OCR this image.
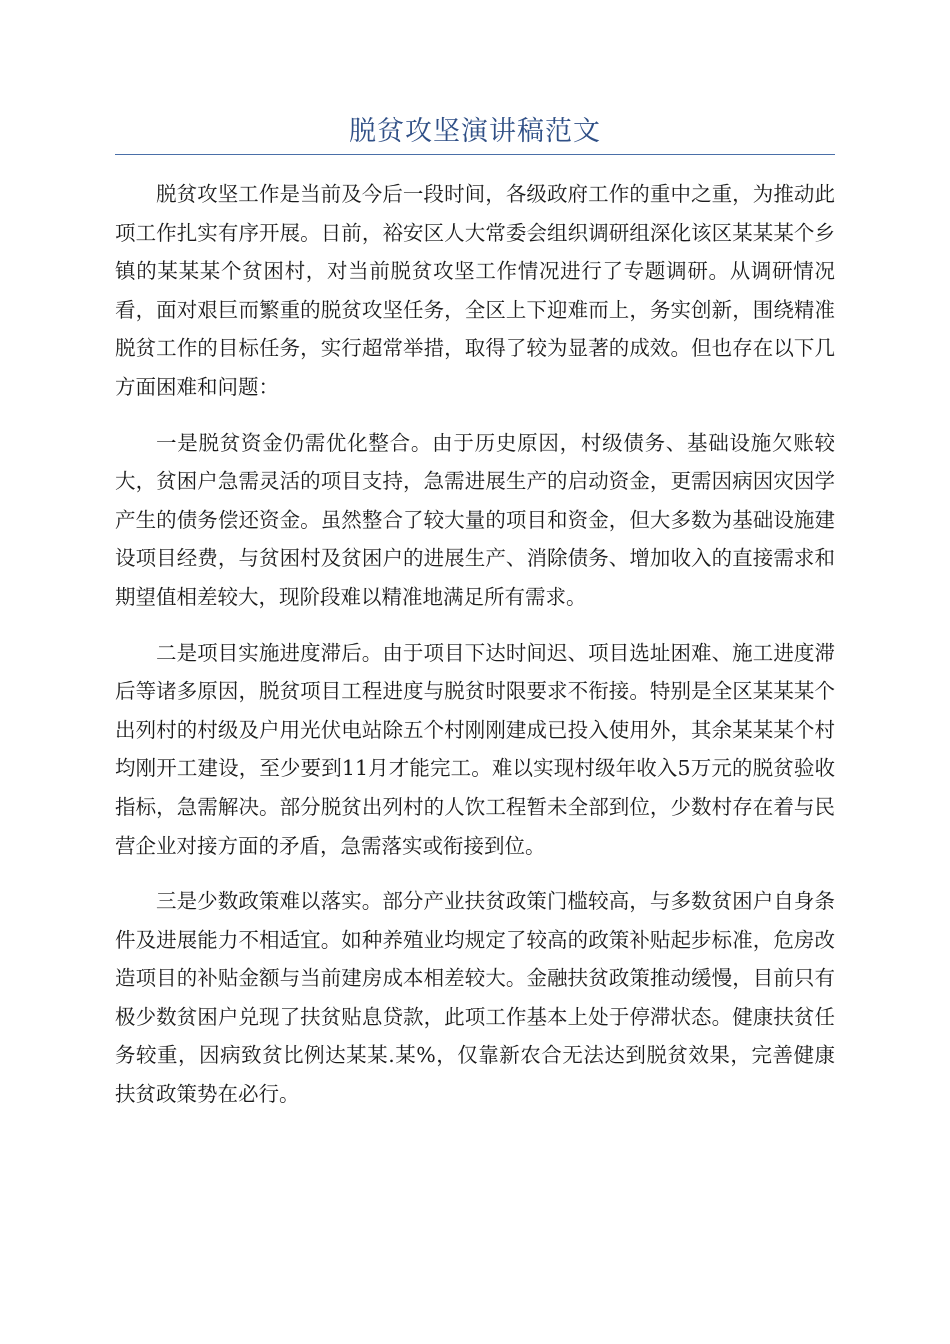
脱贫攻坚演讲稿范文

脱贫攻坚工作是当前及今后一段时间，各级政府工作的重中之重，为推动此项工作扎实有序开展。日前，裕安区人大常委会组织调研组深化该区某某某个乡镇的某某某个贫困村，对当前脱贫攻坚工作情况进行了专题调研。从调研情况看，面对艰巨而繁重的脱贫攻坚任务，全区上下迎难而上，务实创新，围绕精准脱贫工作的目标任务，实行超常举措，取得了较为显著的成效。但也存在以下几方面困难和问题：

一是脱贫资金仍需优化整合。由于历史原因，村级债务、基础设施欠账较大，贫困户急需灵活的项目支持，急需进展生产的启动资金，更需因病因灾因学产生的债务偿还资金。虽然整合了较大量的项目和资金，但大多数为基础设施建设项目经费，与贫困村及贫困户的进展生产、消除债务、增加收入的直接需求和期望值相差较大，现阶段难以精准地满足所有需求。

二是项目实施进度滞后。由于项目下达时间迟、项目选址困难、施工进度滞后等诸多原因，脱贫项目工程进度与脱贫时限要求不衔接。特别是全区某某某个出列村的村级及户用光伏电站除五个村刚刚建成已投入使用外，其余某某某个村均刚开工建设，至少要到11月才能完工。难以实现村级年收入5万元的脱贫验收指标，急需解决。部分脱贫出列村的人饮工程暂未全部到位，少数村存在着与民营企业对接方面的矛盾，急需落实或衔接到位。

三是少数政策难以落实。部分产业扶贫政策门槛较高，与多数贫困户自身条件及进展能力不相适宜。如种养殖业均规定了较高的政策补贴起步标准，危房改造项目的补贴金额与当前建房成本相差较大。金融扶贫政策推动缓慢，目前只有极少数贫困户兑现了扶贫贴息贷款，此项工作基本上处于停滞状态。健康扶贫任务较重，因病致贫比例达某某.某%，仅靠新农合无法达到脱贫效果，完善健康扶贫政策势在必行。
